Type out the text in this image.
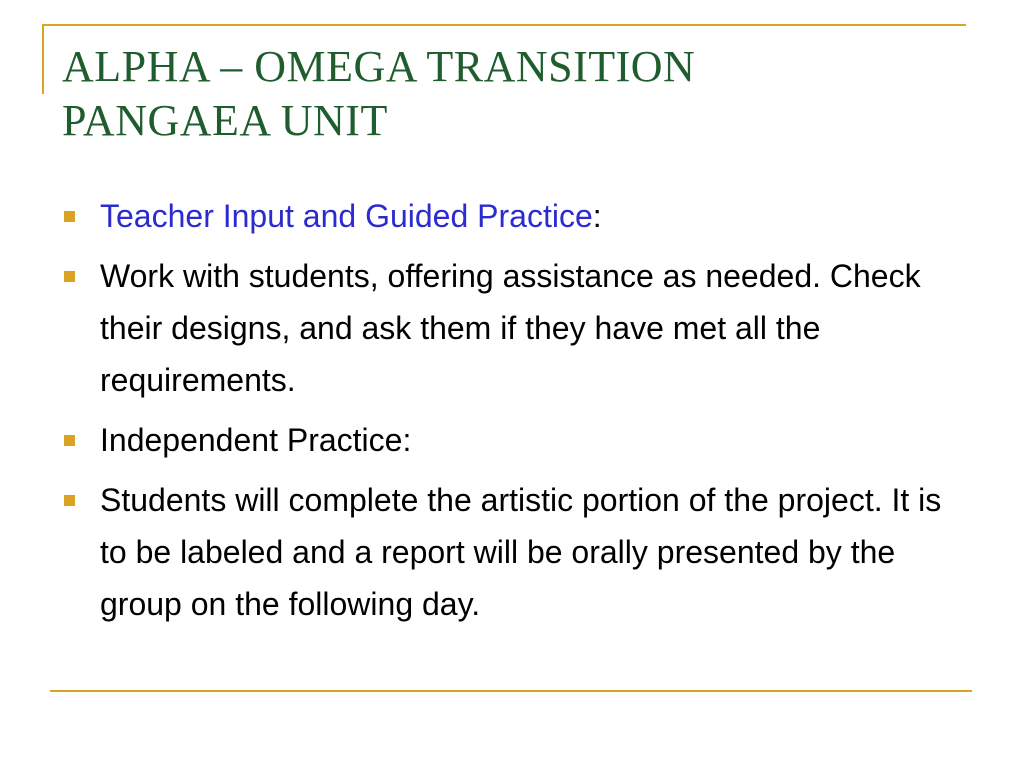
ALPHA – OMEGA TRANSITION
PANGAEA UNIT
Teacher Input and Guided Practice:
Work with students, offering assistance as needed. Check their designs, and ask them if they have met all the requirements.
Independent Practice:
Students will complete the artistic portion of the project. It is to be labeled and a report will be orally presented by the group on the following day.
